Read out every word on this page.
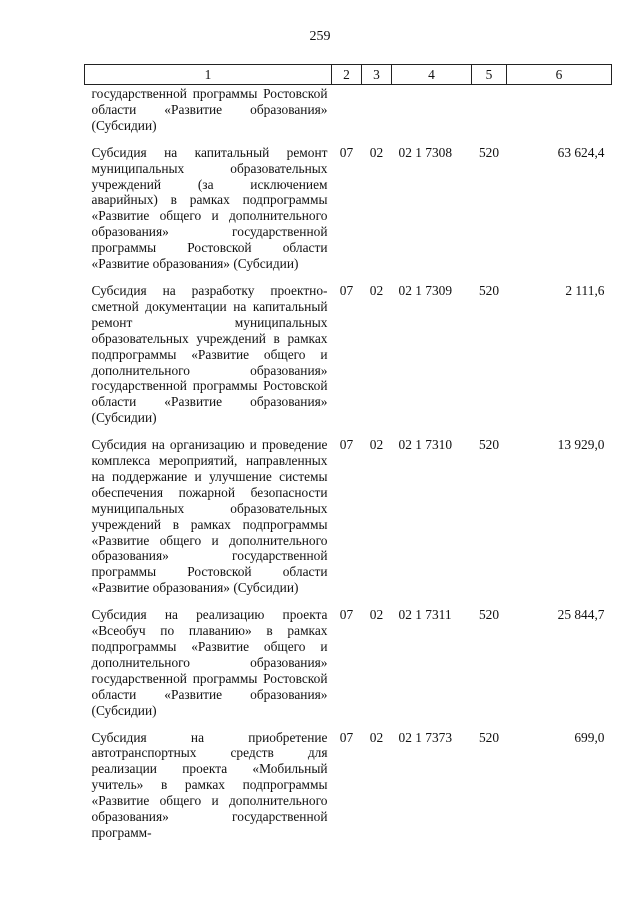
259
1	2	3	4	5	6
государственной программы Ростовской области «Развитие образования» (Субсидии)					
Субсидия на капитальный ремонт муниципальных образовательных учреждений (за исключением аварийных) в рамках подпрограммы «Развитие общего и дополнительного образования» государственной программы Ростовской области «Развитие образования» (Субсидии)	07	02	02 1 7308	520	63 624,4
Субсидия на разработку проектно-сметной документации на капитальный ремонт муниципальных образовательных учреждений в рамках подпрограммы «Развитие общего и дополнительного образования» государственной программы Ростовской области «Развитие образования» (Субсидии)	07	02	02 1 7309	520	2 111,6
Субсидия на организацию и проведение комплекса мероприятий, направленных на поддержание и улучшение системы обеспечения пожарной безопасности муниципальных образовательных учреждений в рамках подпрограммы «Развитие общего и дополнительного образования» государственной программы Ростовской области «Развитие образования» (Субсидии)	07	02	02 1 7310	520	13 929,0
Субсидия на реализацию проекта «Всеобуч по плаванию» в рамках подпрограммы «Развитие общего и дополнительного образования» государственной программы Ростовской области «Развитие образования» (Субсидии)	07	02	02 1 7311	520	25 844,7
Субсидия на приобретение автотранспортных средств для реализации проекта «Мобильный учитель» в рамках подпрограммы «Развитие общего и дополнительного образования» государственной программ-	07	02	02 1 7373	520	699,0
